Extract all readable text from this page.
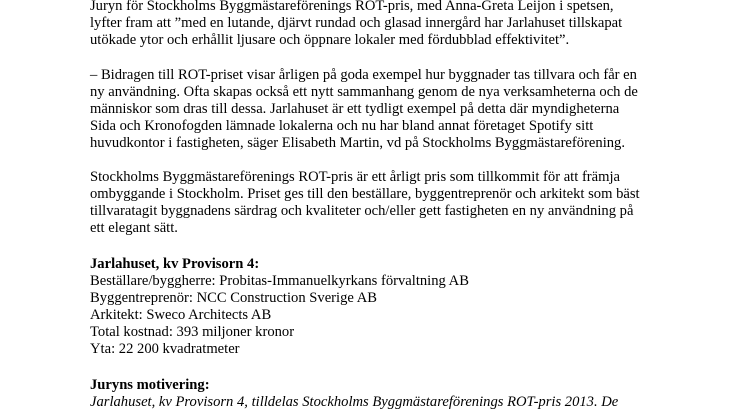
Juryn för Stockholms Byggmästareförenings ROT-pris, med Anna-Greta Leijon i spetsen,
lyfter fram att ”med en lutande, djärvt rundad och glasad innergård har Jarlahuset tillskapat
utökade ytor och erhållit ljusare och öppnare lokaler med fördubblad effektivitet”.
– Bidragen till ROT-priset visar årligen på goda exempel hur byggnader tas tillvara och får en
ny användning. Ofta skapas också ett nytt sammanhang genom de nya verksamheterna och de
människor som dras till dessa. Jarlahuset är ett tydligt exempel på detta där myndigheterna
Sida och Kronofogden lämnade lokalerna och nu har bland annat företaget Spotify sitt
huvudkontor i fastigheten, säger Elisabeth Martin, vd på Stockholms Byggmästareförening.
Stockholms Byggmästareförenings ROT-pris är ett årligt pris som tillkommit för att främja
ombyggande i Stockholm. Priset ges till den beställare, byggentreprenör och arkitekt som bäst
tillvaratagit byggnadens särdrag och kvaliteter och/eller gett fastigheten en ny användning på
ett elegant sätt.
Jarlahuset, kv Provisorn 4:
Beställare/byggherre: Probitas-Immanuelkyrkans förvaltning AB
Byggentreprenör: NCC Construction Sverige AB
Arkitekt: Sweco Architects AB
Total kostnad: 393 miljoner kronor
Yta: 22 200 kvadratmeter
Juryns motivering:
Jarlahuset, kv Provisorn 4, tilldelas Stockholms Byggmästareförenings ROT-pris 2013. De
